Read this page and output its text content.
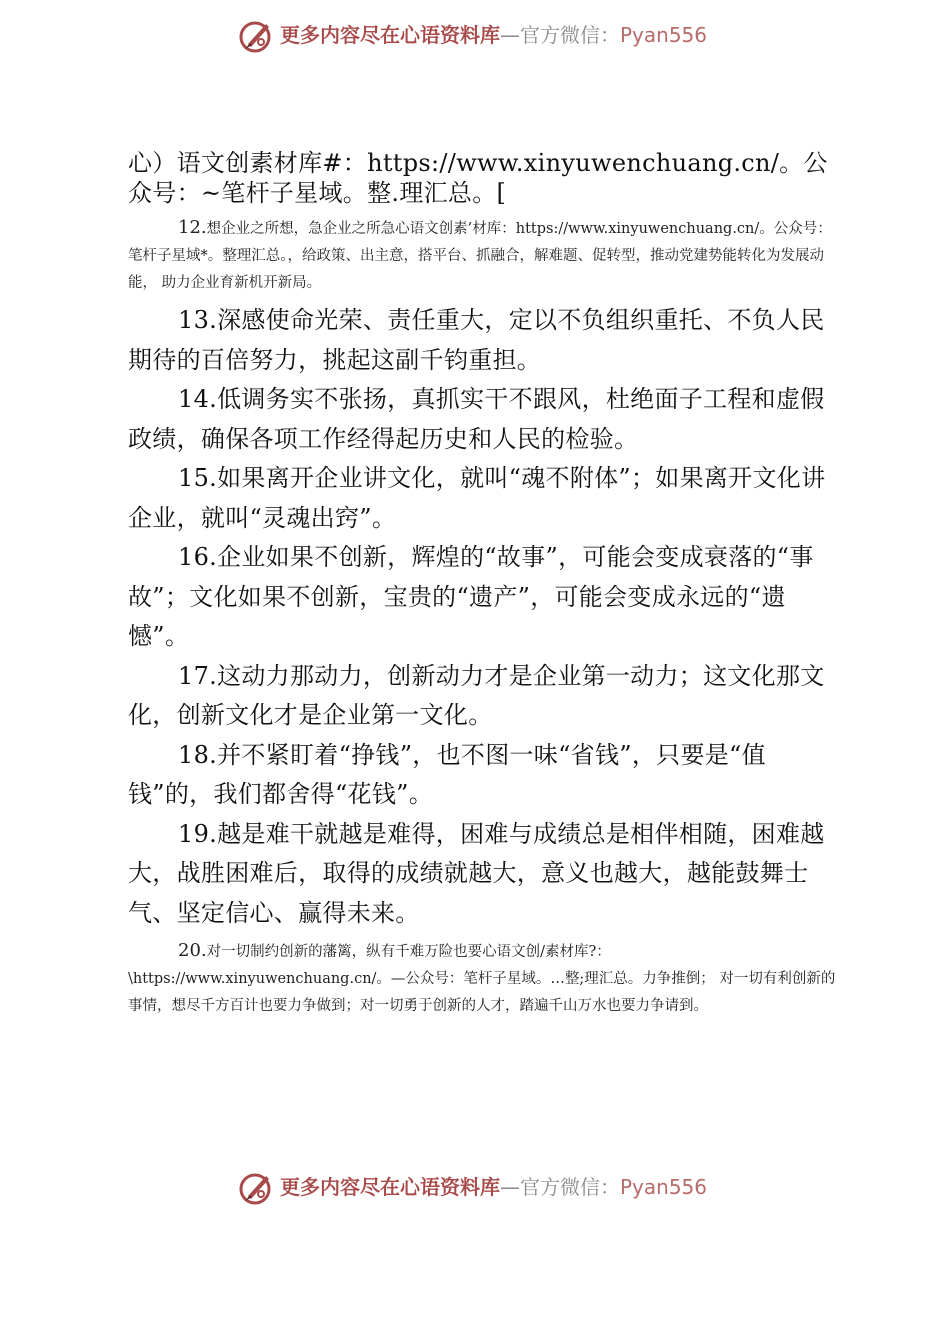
更多内容尽在心语资料库—官方微信：Pyan556

心）语文创素材库#：https://www.xinyuwenchuang.cn/。公众号：~笔杆子星域。整.理汇总。[

12.想企业之所想，急企业之所急心语文创素’材库：https://www.xinyuwenchuang.cn/。公众号：笔杆子星域*。整理汇总。，给政策、出主意，搭平台、抓融合，解难题、促转型，推动党建势能转化为发展动能， 助力企业育新机开新局。

13.深感使命光荣、责任重大，定以不负组织重托、不负人民期待的百倍努力，挑起这副千钧重担。

14.低调务实不张扬，真抓实干不跟风，杜绝面子工程和虚假政绩，确保各项工作经得起历史和人民的检验。

15.如果离开企业讲文化，就叫“魂不附体”；如果离开文化讲企业，就叫“灵魂出窍”。

16.企业如果不创新，辉煌的“故事”，可能会变成衰落的“事故”；文化如果不创新，宝贵的“遗产”，可能会变成永远的“遗憾”。

17.这动力那动力，创新动力才是企业第一动力；这文化那文化，创新文化才是企业第一文化。

18.并不紧盯着“挣钱”，也不图一味“省钱”，只要是“值钱”的，我们都舍得“花钱”。

19.越是难干就越是难得，困难与成绩总是相伴相随，困难越大，战胜困难后，取得的成绩就越大，意义也越大，越能鼓舞士气、坚定信心、赢得未来。

20.对一切制约创新的藩篱，纵有千难万险也要心语文创/素材库?：\https://www.xinyuwenchuang.cn/。—公众号：笔杆子星域。…整;理汇总。力争推倒； 对一切有利创新的事情，想尽千方百计也要力争做到；对一切勇于创新的人才，踏遍千山万水也要力争请到。

更多内容尽在心语资料库—官方微信：Pyan556
